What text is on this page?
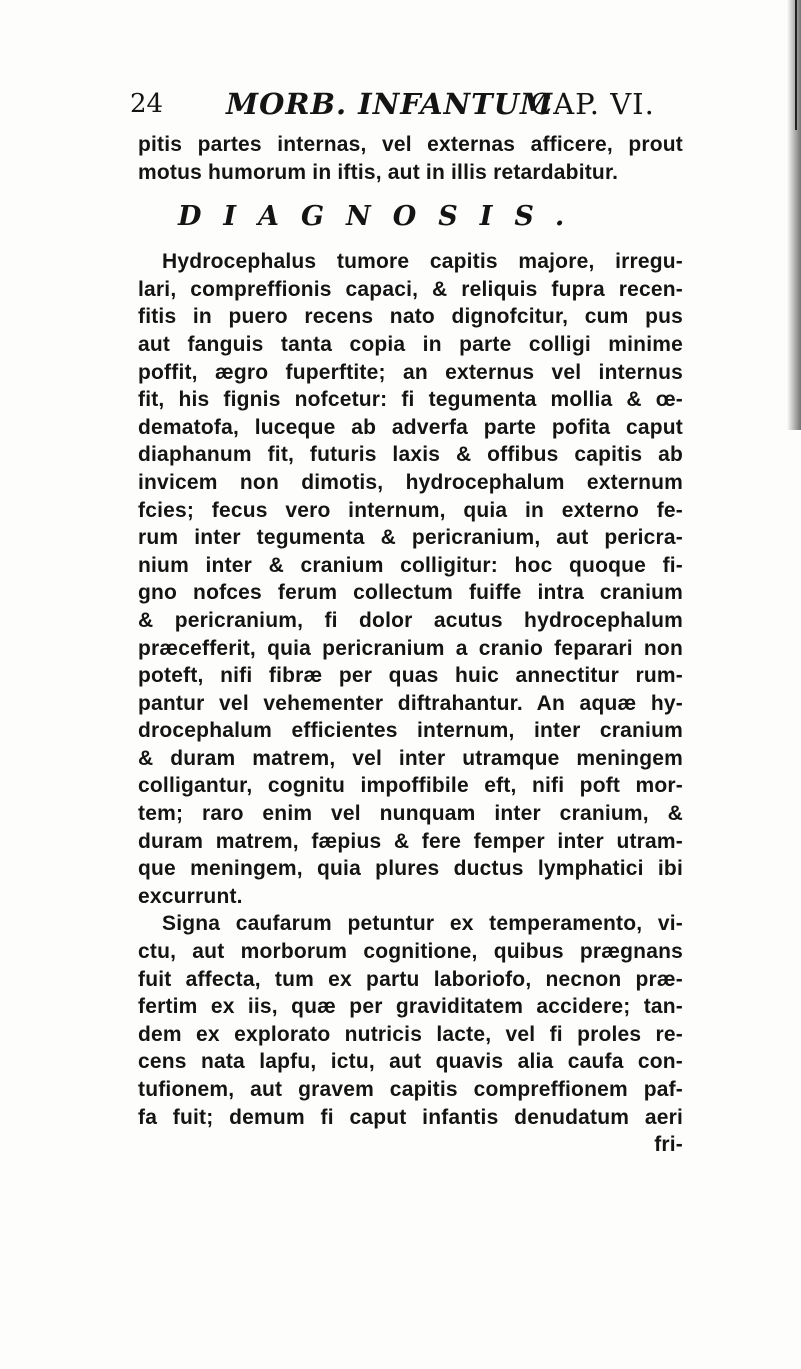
24 MORB. INFANTUM
CAP. VI.
pitis partes internas, vel externas afficere, prout
motus humorum in iftis, aut in illis retardabitur.
DIAGNOSIS.
Hydrocephalus tumore capitis majore, irregu-
lari, compreffionis capaci, & reliquis fupra recen-
fitis in puero recens nato dignofcitur, cum pus
aut fanguis tanta copia in parte colligi minime
poffit, ægro fuperftite; an externus vel internus
fit, his fignis nofcetur: fi tegumenta mollia & œ-
dematofa, luceque ab adverfa parte pofita caput
diaphanum fit, futuris laxis & offibus capitis ab
invicem non dimotis, hydrocephalum externum
fcies; fecus vero internum, quia in externo fe-
rum inter tegumenta & pericranium, aut pericra-
nium inter & cranium colligitur: hoc quoque fi-
gno nofces ferum collectum fuiffe intra cranium
& pericranium, fi dolor acutus hydrocephalum
præcefferit, quia pericranium a cranio feparari non
poteft, nifi fibræ per quas huic annectitur rum-
pantur vel vehementer diftrahantur. An aquæ hy-
drocephalum efficientes internum, inter cranium
& duram matrem, vel inter utramque meningem
colligantur, cognitu impoffibile eft, nifi poft mor-
tem; raro enim vel nunquam inter cranium, &
duram matrem, fæpius & fere femper inter utram-
que meningem, quia plures ductus lymphatici ibi
excurrunt.
Signa caufarum petuntur ex temperamento, vi-
ctu, aut morborum cognitione, quibus prægnans
fuit affecta, tum ex partu laboriofo, necnon præ-
fertim ex iis, quæ per graviditatem accidere; tan-
dem ex explorato nutricis lacte, vel fi proles re-
cens nata lapfu, ictu, aut quavis alia caufa con-
tufionem, aut gravem capitis compreffionem paf-
fa fuit; demum fi caput infantis denudatum aeri
fri-
